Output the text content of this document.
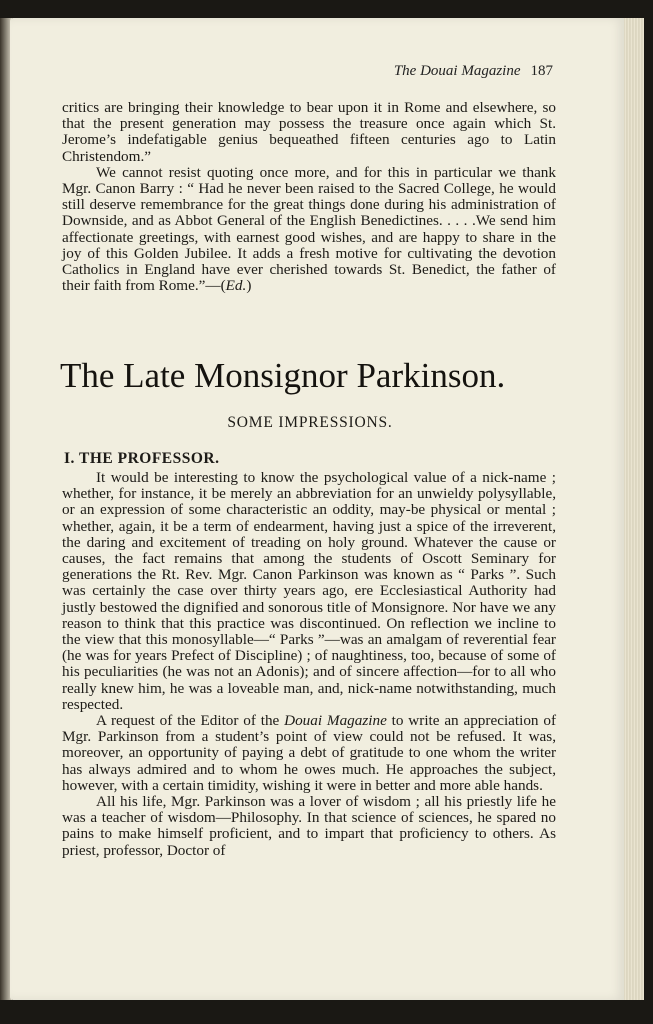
The Douai Magazine 187

critics are bringing their knowledge to bear upon it in Rome and elsewhere, so that the present generation may possess the treasure once again which St. Jerome’s indefatigable genius bequeathed fifteen centuries ago to Latin Christendom.”

We cannot resist quoting once more, and for this in particular we thank Mgr. Canon Barry : “ Had he never been raised to the Sacred College, he would still deserve remembrance for the great things done during his administration of Downside, and as Abbot General of the English Benedictines. . . . .We send him affectionate greetings, with earnest good wishes, and are happy to share in the joy of this Golden Jubilee. It adds a fresh motive for cultivating the devotion Catholics in England have ever cherished towards St. Benedict, the father of their faith from Rome.”—(Ed.)

The Late Monsignor Parkinson.
SOME IMPRESSIONS.
I. THE PROFESSOR.

It would be interesting to know the psychological value of a nick-name ; whether, for instance, it be merely an abbreviation for an unwieldy polysyllable, or an expression of some characteristic an oddity, may-be physical or mental ; whether, again, it be a term of endearment, having just a spice of the irreverent, the daring and excitement of treading on holy ground. Whatever the cause or causes, the fact remains that among the students of Oscott Seminary for generations the Rt. Rev. Mgr. Canon Parkinson was known as “ Parks ”. Such was certainly the case over thirty years ago, ere Ecclesiastical Authority had justly bestowed the dignified and sonorous title of Monsignore. Nor have we any reason to think that this practice was discontinued. On reflection we incline to the view that this monosyllable—“ Parks ”—was an amalgam of reverential fear (he was for years Prefect of Discipline) ; of naughtiness, too, because of some of his peculiarities (he was not an Adonis); and of sincere affection—for to all who really knew him, he was a loveable man, and, nick-name notwithstanding, much respected.

A request of the Editor of the Douai Magazine to write an appreciation of Mgr. Parkinson from a student’s point of view could not be refused. It was, moreover, an opportunity of paying a debt of gratitude to one whom the writer has always admired and to whom he owes much. He approaches the subject, however, with a certain timidity, wishing it were in better and more able hands.

All his life, Mgr. Parkinson was a lover of wisdom ; all his priestly life he was a teacher of wisdom—Philosophy. In that science of sciences, he spared no pains to make himself proficient, and to impart that proficiency to others. As priest, professor, Doctor of
